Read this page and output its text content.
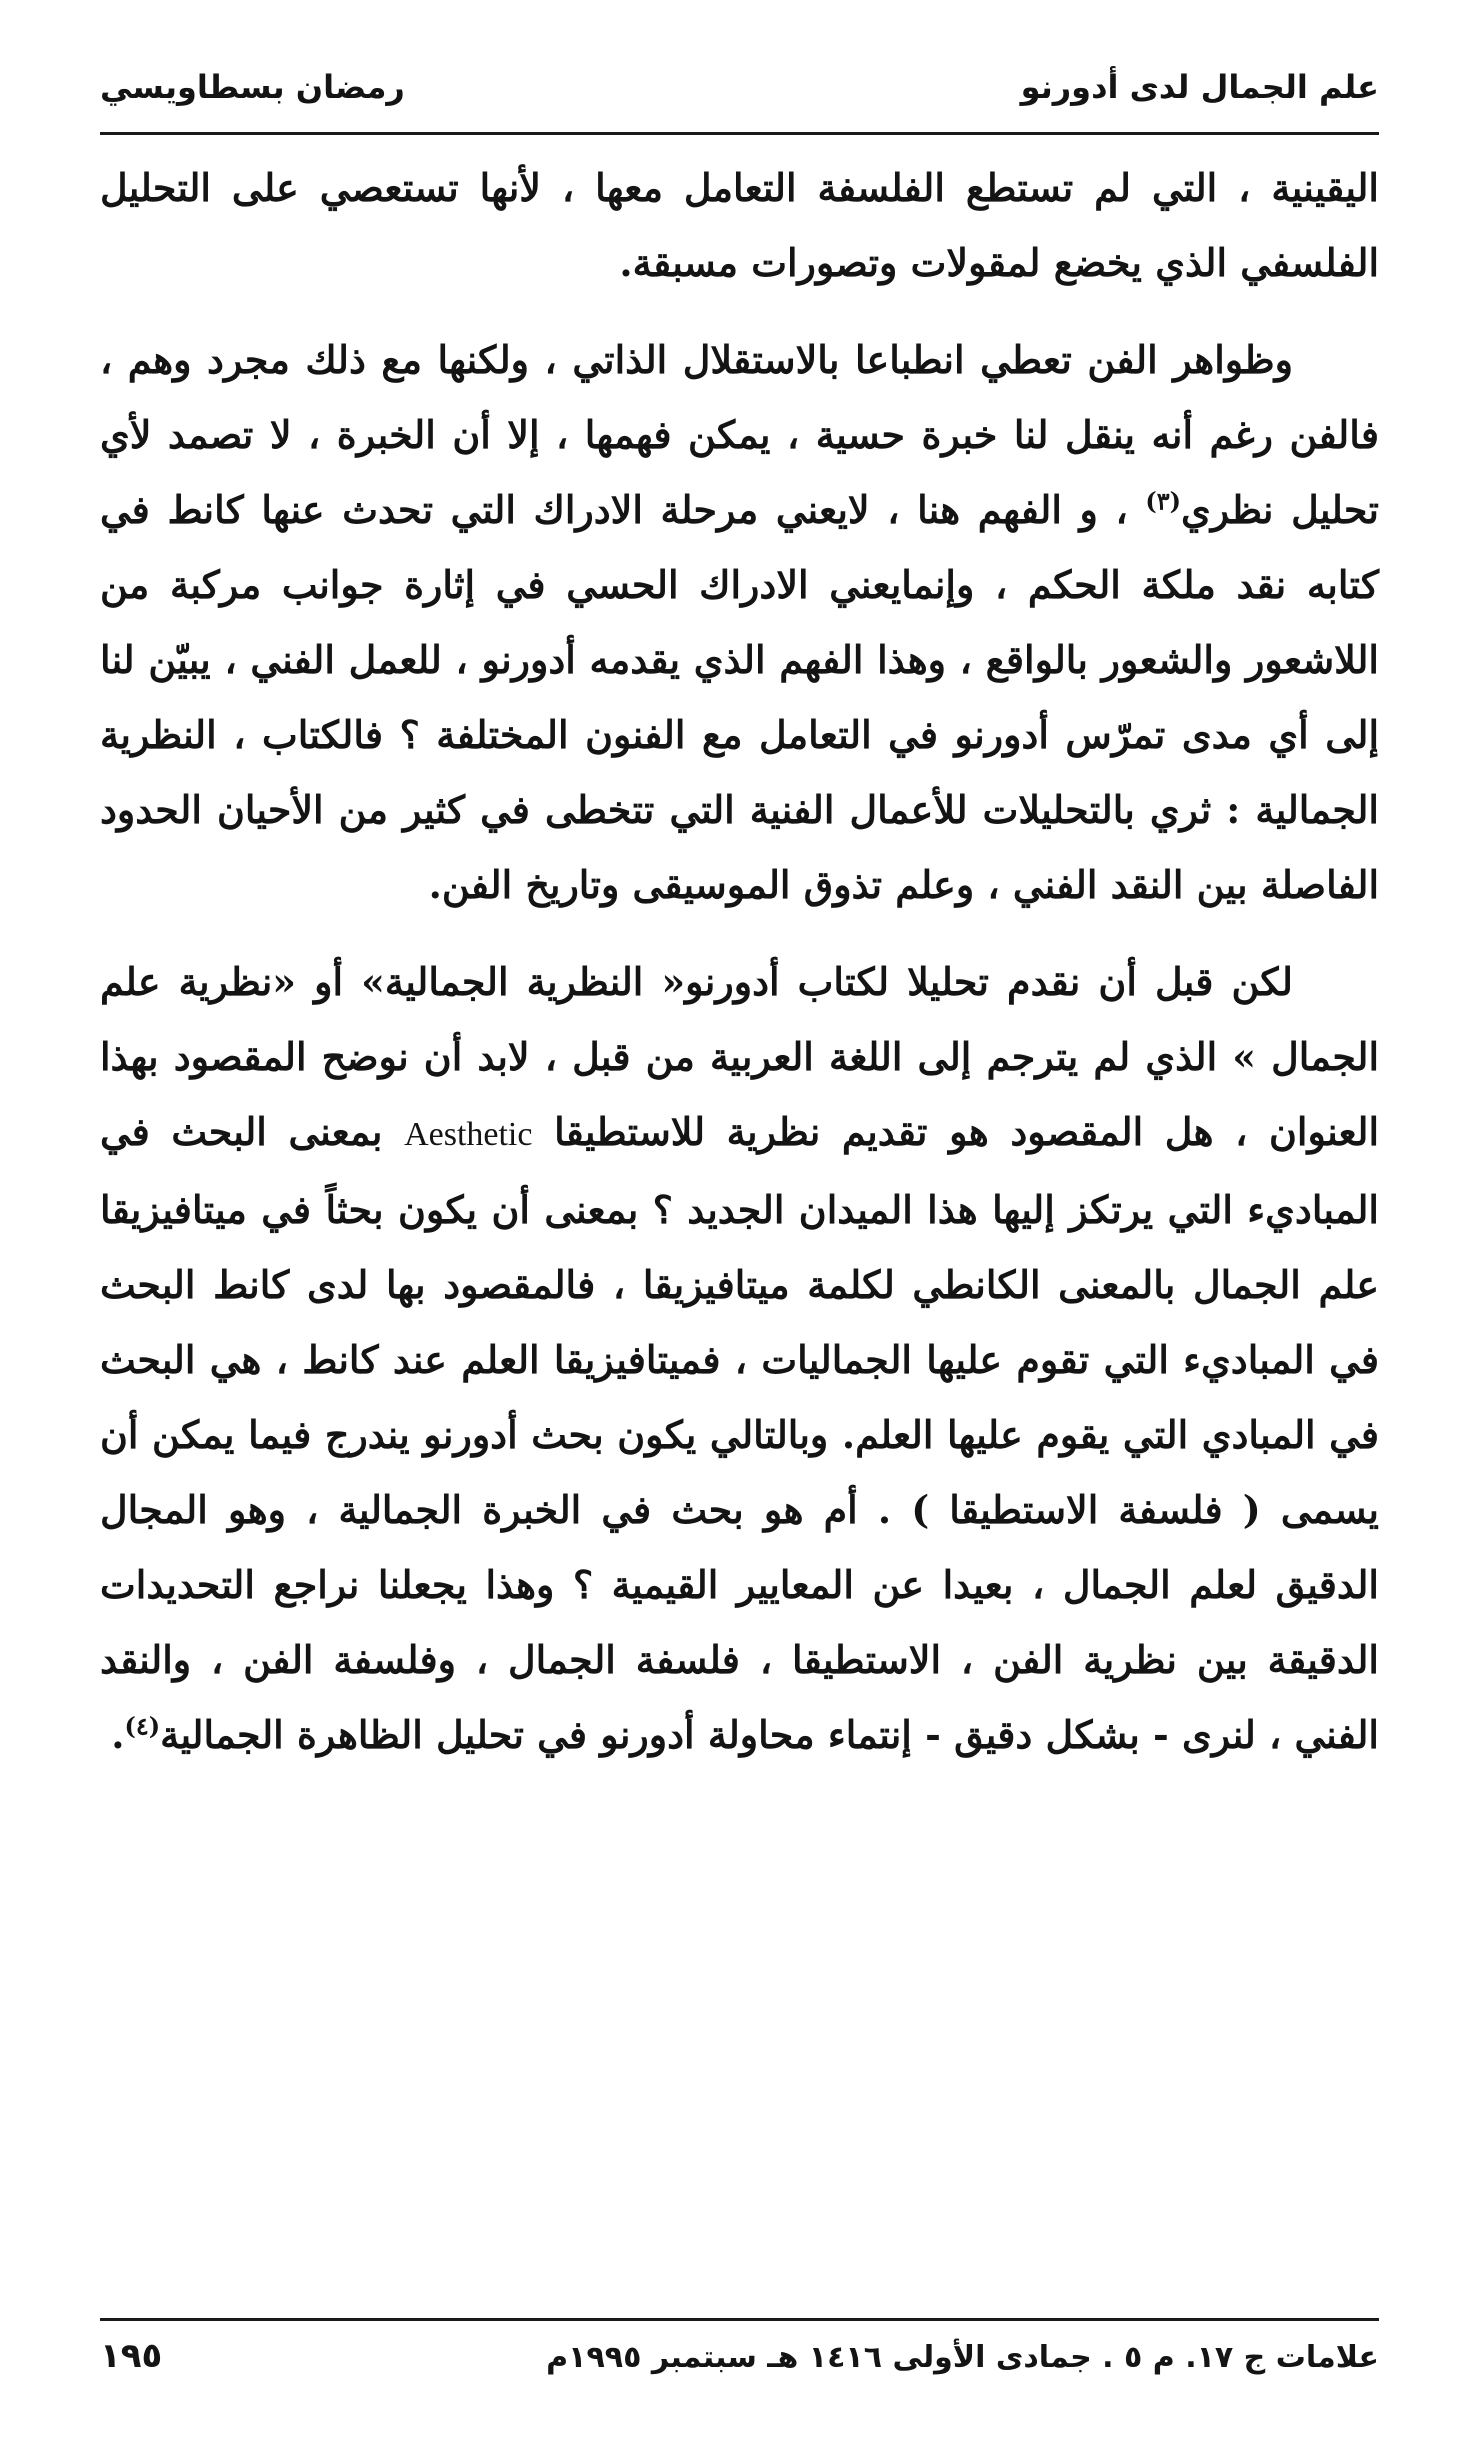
علم الجمال لدى أدورنو
رمضان بسطاويسي

اليقينية ، التي لم تستطع الفلسفة التعامل معها ، لأنها تستعصي على التحليل الفلسفي الذي يخضع لمقولات وتصورات مسبقة.

وظواهر الفن تعطي انطباعا بالاستقلال الذاتي ، ولكنها مع ذلك مجرد وهم ، فالفن رغم أنه ينقل لنا خبرة حسية ، يمكن فهمها ، إلا أن الخبرة ، لا تصمد لأي تحليل نظري$^{(٣)}$ ، و الفهم هنا ، لايعني مرحلة الادراك التي تحدث عنها كانط في كتابه نقد ملكة الحكم ، وإنمايعني الادراك الحسي في إثارة جوانب مركبة من اللاشعور والشعور بالواقع ، وهذا الفهم الذي يقدمه أدورنو ، للعمل الفني ، يبيّن لنا إلى أي مدى تمرّس أدورنو في التعامل مع الفنون المختلفة ؟ فالكتاب ، النظرية الجمالية : ثري بالتحليلات للأعمال الفنية التي تتخطى في كثير من الأحيان الحدود الفاصلة بين النقد الفني ، وعلم تذوق الموسيقى وتاريخ الفن.

لكن قبل أن نقدم تحليلا لكتاب أدورنو« النظرية الجمالية» أو «نظرية علم الجمال » الذي لم يترجم إلى اللغة العربية من قبل ، لابد أن نوضح المقصود بهذا العنوان ، هل المقصود هو تقديم نظرية للاستطيقا Aesthetic بمعنى البحث في المباديء التي يرتكز إليها هذا الميدان الجديد ؟ بمعنى أن يكون بحثاً في ميتافيزيقا علم الجمال بالمعنى الكانطي لكلمة ميتافيزيقا ، فالمقصود بها لدى كانط البحث في المباديء التي تقوم عليها الجماليات ، فميتافيزيقا العلم عند كانط ، هي البحث في المبادي التي يقوم عليها العلم. وبالتالي يكون بحث أدورنو يندرج فيما يمكن أن يسمى ( فلسفة الاستطيقا ) . أم هو بحث في الخبرة الجمالية ، وهو المجال الدقيق لعلم الجمال ، بعيدا عن المعايير القيمية ؟ وهذا يجعلنا نراجع التحديدات الدقيقة بين نظرية الفن ، الاستطيقا ، فلسفة الجمال ، وفلسفة الفن ، والنقد الفني ، لنرى - بشكل دقيق - إنتماء محاولة أدورنو في تحليل الظاهرة الجمالية$^{(٤)}$.

علامات ج ١٧. م ٥ . جمادى الأولى ١٤١٦ هـ سبتمبر ١٩٩٥م
١٩٥
